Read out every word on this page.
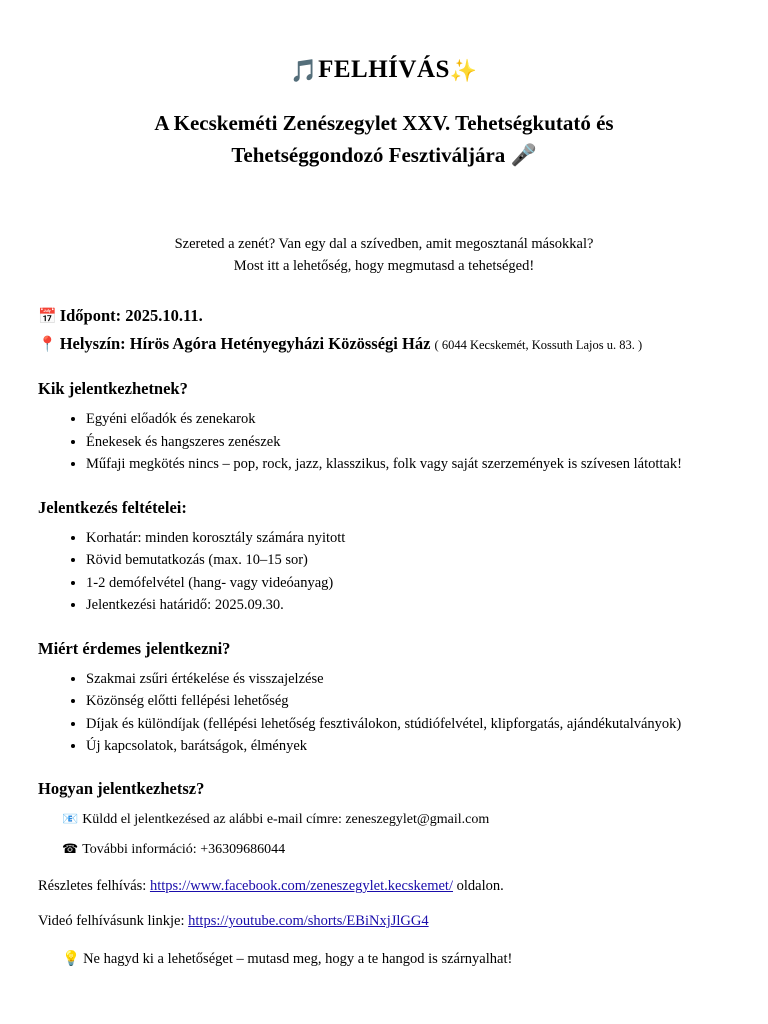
🎵FELHÍVÁS✨
A Kecskeméti Zenészegylet XXV. Tehetségkutató és
Tehetséggondozó Fesztiváljára 🎤
Szereted a zenét? Van egy dal a szívedben, amit megosztanál másokkal?
Most itt a lehetőség, hogy megmutasd a tehetséged!
📅 Időpont: 2025.10.11.
📍 Helyszín: Hírös Agóra Hetényegyházi Közösségi Ház ( 6044 Kecskemét, Kossuth Lajos u. 83. )
Kik jelentkezhetnek?
• Egyéni előadók és zenekarok
• Énekesek és hangszeres zenészek
• Műfaji megkötés nincs – pop, rock, jazz, klasszikus, folk vagy saját szerzemények is szívesen látottak!
Jelentkezés feltételei:
• Korhatár: minden korosztály számára nyitott
• Rövid bemutatkozás (max. 10–15 sor)
• 1-2 demófelvétel (hang- vagy videóanyag)
• Jelentkezési határidő: 2025.09.30.
Miért érdemes jelentkezni?
• Szakmai zsűri értékelése és visszajelzése
• Közönség előtti fellépési lehetőség
• Díjak és különdíjak (fellépési lehetőség fesztiválokon, stúdiófelvétel, klipforgatás, ajándékutalványok)
• Új kapcsolatok, barátságok, élmények
Hogyan jelentkezhetsz?
📧 Küldd el jelentkezésed az alábbi e-mail címre: zeneszegylet@gmail.com
☎ További információ: +36309686044
Részletes felhívás: https://www.facebook.com/zeneszegylet.kecskemet/ oldalon.
Videó felhívásunk linkje: https://youtube.com/shorts/EBiNxjJlGG4
💡 Ne hagyd ki a lehetőséget – mutasd meg, hogy a te hangod is szárnyalhat!
